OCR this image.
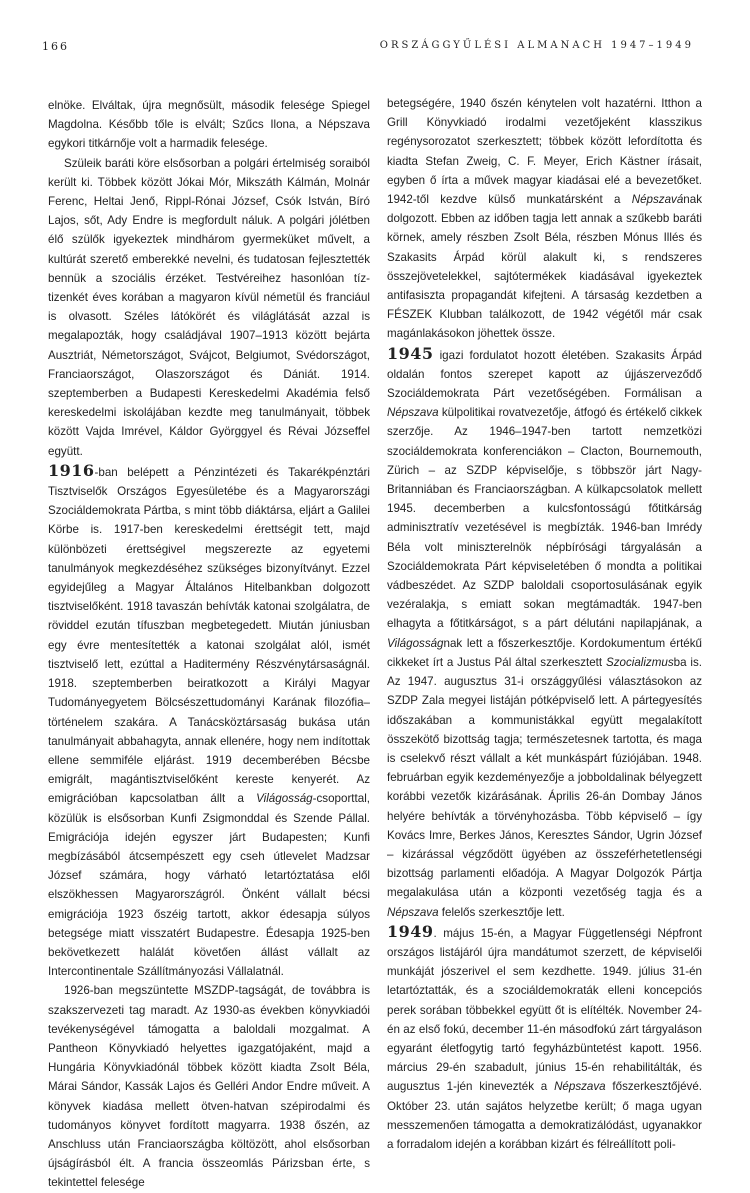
166	ORSZÁGGYŰLÉSI ALMANACH 1947–1949

elnöke. Elváltak, újra megnősült, második felesége Spiegel Magdolna. Később tőle is elvált; Szűcs Ilona, a Népszava egykori titkárnője volt a harmadik felesége.

Szüleik baráti köre elsősorban a polgári értelmiség soraiból került ki. Többek között Jókai Mór, Mikszáth Kálmán, Molnár Ferenc, Heltai Jenő, Rippl-Rónai József, Csók István, Bíró Lajos, sőt, Ady Endre is megfordult náluk. A polgári jólétben élő szülők igyekeztek mindhárom gyermeküket művelt, a kultúrát szerető emberekké nevelni, és tudatosan fejlesztették bennük a szociális érzéket. Testvéreihez hasonlóan tíz-tizenkét éves korában a magyaron kívül németül és franciául is olvasott. Széles látókörét és világlátását azzal is megalapozták, hogy családjával 1907–1913 között bejárta Ausztriát, Németországot, Svájcot, Belgiumot, Svédországot, Franciaországot, Olaszországot és Dániát. 1914. szeptemberben a Budapesti Kereskedelmi Akadémia felső kereskedelmi iskolájában kezdte meg tanulmányait, többek között Vajda Imrével, Káldor Györggyel és Révai Józseffel együtt.

1916-ban belépett a Pénzintézeti és Takarékpénztári Tisztviselők Országos Egyesületébe és a Magyarországi Szociáldemokrata Pártba, s mint több diáktársa, eljárt a Galilei Körbe is. 1917-ben kereskedelmi érettségit tett, majd különbözeti érettségivel megszerezte az egyetemi tanulmányok megkezdéséhez szükséges bizonyítványt. Ezzel egyidejűleg a Magyar Általános Hitelbankban dolgozott tisztviselőként. 1918 tavaszán behívták katonai szolgálatra, de röviddel ezután tífuszban megbetegedett. Miután júniusban egy évre mentesítették a katonai szolgálat alól, ismét tisztviselő lett, ezúttal a Haditermény Részvénytársaságnál. 1918. szeptemberben beiratkozott a Királyi Magyar Tudományegyetem Bölcsészettudományi Karának filozófia–történelem szakára. A Tanácsköztársaság bukása után tanulmányait abbahagyta, annak ellenére, hogy nem indítottak ellene semmiféle eljárást. 1919 decemberében Bécsbe emigrált, magántisztviselőként kerestе kenyerét. Az emigrációban kapcsolatban állt a Világosság-csoporttal, közülük is elsősorban Kunfi Zsigmonddal és Szende Pállal. Emigrációja idején egyszer járt Budapesten; Kunfi megbízásából átcsempészett egy cseh útlevelet Madzsar József számára, hogy várható letartóztatása elől elszökhessen Magyarországról. Önként vállalt bécsi emigrációja 1923 őszéig tartott, akkor édesapja súlyos betegsége miatt visszatért Budapestre. Édesapja 1925-ben bekövetkezett halálát követően állást vállalt az Intercontinentale Szállítmányozási Vállalatnál.

1926-ban megszüntette MSZDP-tagságát, de továbbra is szakszervezeti tag maradt. Az 1930-as években könyvkiadói tevékenységével támogatta a baloldali mozgalmat. A Pantheon Könyvkiadó helyettes igazgatójaként, majd a Hungária Könyvkiadónál többek között kiadta Zsolt Béla, Márai Sándor, Kassák Lajos és Gelléri Andor Endre műveit. A könyvek kiadása mellett ötven-hatvan szépirodalmi és tudományos könyvet fordított magyarra. 1938 őszén, az Anschluss után Franciaországba költözött, ahol elsősorban újságírásból élt. A francia összeomlás Párizsban érte, s tekintettel felesége

betegségére, 1940 őszén kénytelen volt hazatérni. Itthon a Grill Könyvkiadó irodalmi vezetőjeként klasszikus regénysorozatot szerkesztett; többek között lefordította és kiadta Stefan Zweig, C. F. Meyer, Erich Kästner írásait, egyben ő írta a művek magyar kiadásai elé a bevezetőket. 1942-től kezdve külső munkatársként a Népszavának dolgozott. Ebben az időben tagja lett annak a szűkebb baráti körnek, amely részben Zsolt Béla, részben Mónus Illés és Szakasits Árpád körül alakult ki, s rendszeres összejövetelekkel, sajtótermékek kiadásával igyekeztek antifasiszta propagandát kifejteni. A társaság kezdetben a FÉSZEK Klubban találkozott, de 1942 végétől már csak magánlakásokon jöhettek össze.

1945 igazi fordulatot hozott életében. Szakasits Árpád oldalán fontos szerepet kapott az újjászerveződő Szociáldemokrata Párt vezetőségében. Formálisan a Népszava külpolitikai rovatvezetője, átfogó és értékelő cikkek szerzője. Az 1946–1947-ben tartott nemzetközi szociáldemokrata konferenciákon – Clacton, Bournemouth, Zürich – az SZDP képviselője, s többször járt Nagy-Britanniában és Franciaországban. A külkapcsolatok mellett 1945. decemberben a kulcsfontosságú főtitkárság adminisztratív vezetésével is megbízták. 1946-ban Imrédy Béla volt miniszterelnök népbírósági tárgyalásán a Szociáldemokrata Párt képviseletében ő mondta a politikai vádbeszédet. Az SZDP baloldali csoportosulásának egyik vezéralakja, s emiatt sokan megtámadták. 1947-ben elhagyta a főtitkárságot, s a párt délutáni napilapjának, a Világosságnak lett a főszerkesztője. Kordokumentum értékű cikkeket írt a Justus Pál által szerkesztett Szocializmusba is. Az 1947. augusztus 31-i országgyűlési választásokon az SZDP Zala megyei listáján pótképviselő lett. A pártegyesítés időszakában a kommunistákkal együtt megalakított összekötő bizottság tagja; természetesnek tartotta, és maga is cselekvő részt vállalt a két munkáspárt fúziójában. 1948. februárban egyik kezdeményezője a jobboldalinak bélyegzett korábbi vezetők kizárásának. Április 26-án Dombay János helyére behívták a törvényhozásba. Több képviselő – így Kovács Imre, Berkes János, Keresztes Sándor, Ugrin József – kizárással végződött ügyében az összeférhetetlenségi bizottság parlamenti előadója. A Magyar Dolgozók Pártja megalakulása után a központi vezetőség tagja és a Népszava felelős szerkesztője lett.

1949. május 15-én, a Magyar Függetlenségi Népfront országos listájáról újra mandátumot szerzett, de képviselői munkáját jószerivel el sem kezdhette. 1949. július 31-én letartóztatták, és a szociáldemokraták elleni koncepciós perek sorában többekkel együtt őt is elítélték. November 24-én az első fokú, december 11-én másodfokú zárt tárgyaláson egyaránt életfogytig tartó fegyházbüntetést kapott. 1956. március 29-én szabadult, június 15-én rehabilitálták, és augusztus 1-jén kinevezték a Népszava főszerkesztőjévé. Október 23. után sajátos helyzetbe került; ő maga ugyan messzemenően támogatta a demokratizálódást, ugyanakkor a forradalom idején a korábban kizárt és félreállított poli-
